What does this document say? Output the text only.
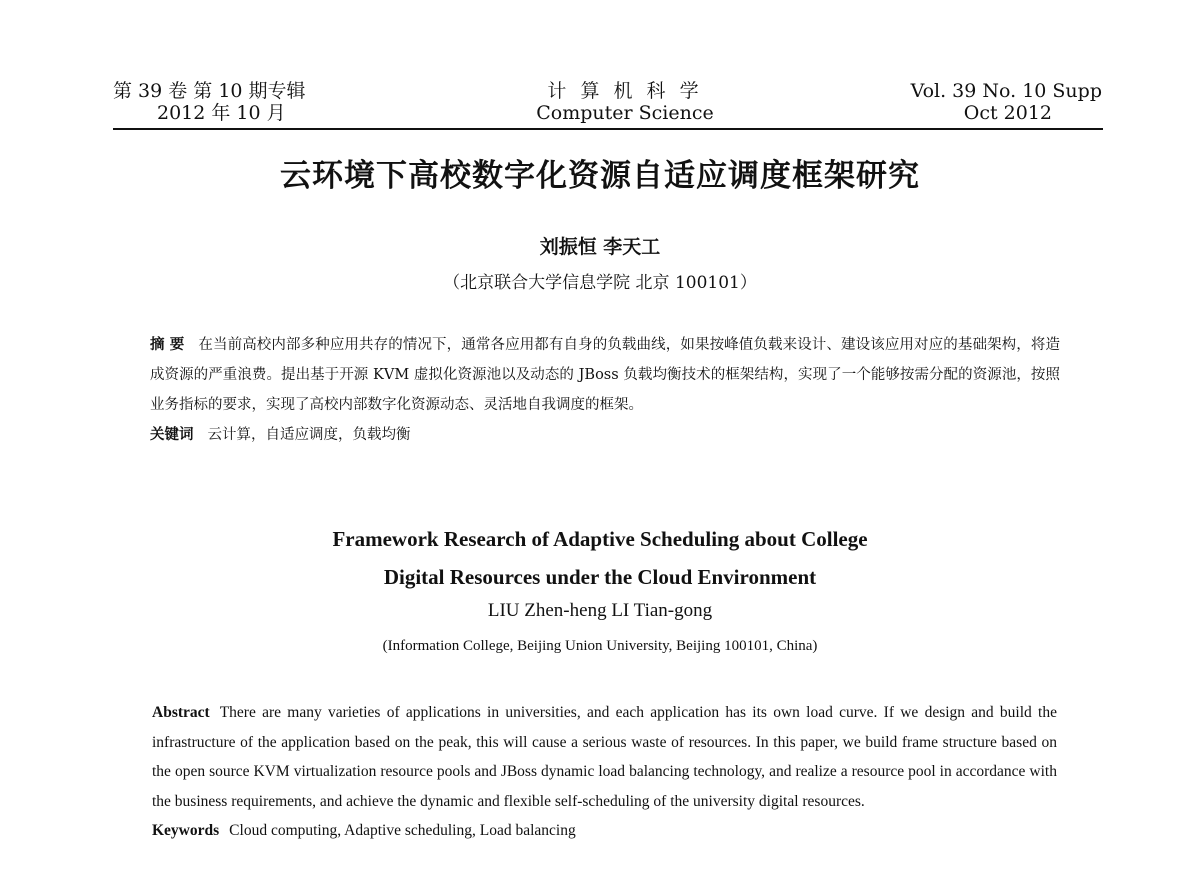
第 39 卷 第 10 期专辑
2012 年 10 月
计 算 机 科 学
Computer Science
Vol. 39 No. 10 Supp
Oct 2012
云环境下高校数字化资源自适应调度框架研究
刘振恒 李天工
（北京联合大学信息学院 北京 100101）
摘 要 在当前高校内部多种应用共存的情况下，通常各应用都有自身的负载曲线，如果按峰值负载来设计、建设该应用对应的基础架构，将造成资源的严重浪费。提出基于开源 KVM 虚拟化资源池以及动态的 JBoss 负载均衡技术的框架结构，实现了一个能够按需分配的资源池，按照业务指标的要求，实现了高校内部数字化资源动态、灵活地自我调度的框架。
关键词 云计算，自适应调度，负载均衡
Framework Research of Adaptive Scheduling about College
Digital Resources under the Cloud Environment
LIU Zhen-heng LI Tian-gong
(Information College, Beijing Union University, Beijing 100101, China)
Abstract There are many varieties of applications in universities, and each application has its own load curve. If we design and build the infrastructure of the application based on the peak, this will cause a serious waste of resources. In this paper, we build frame structure based on the open source KVM virtualization resource pools and JBoss dynamic load balancing technology, and realize a resource pool in accordance with the business requirements, and achieve the dynamic and flexible self-scheduling of the university digital resources.
Keywords Cloud computing, Adaptive scheduling, Load balancing
